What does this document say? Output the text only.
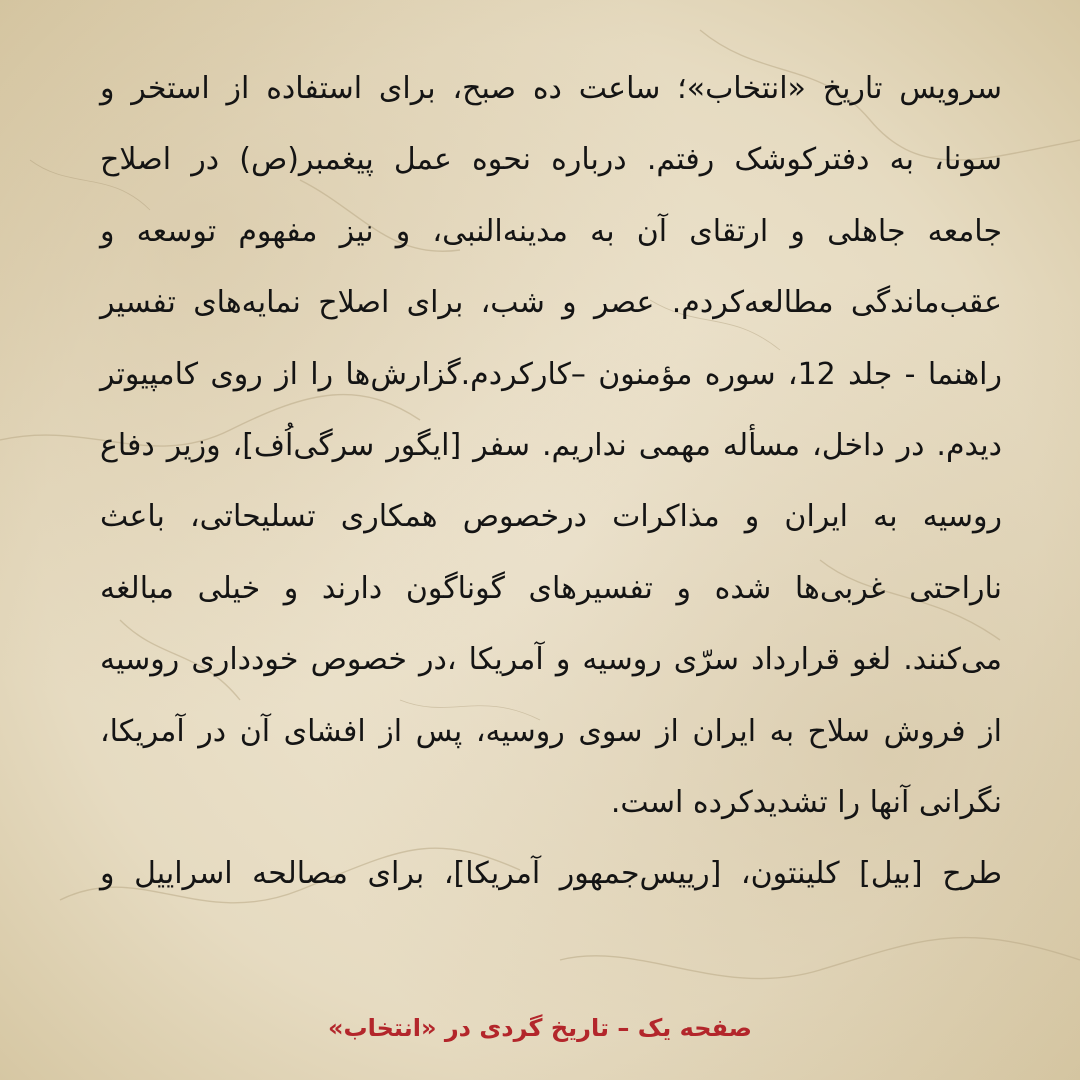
سرویس تاریخ «انتخاب»؛ ساعت ده صبح، برای استفاده از استخر و
سونا، به دفترکوشک رفتم. درباره نحوه عمل پیغمبر(ص) در اصلاح
جامعه جاهلی و ارتقای آن به مدینه‌النبی، و نیز مفهوم توسعه و
عقب‌ماندگی مطالعه‌کردم. عصر و شب، برای اصلاح نمایه‌های تفسیر
راهنما - جلد 12، سوره مؤمنون –کارکردم.گزارش‌ها را از روی کامپیوتر
دیدم. در داخل، مسأله مهمی نداریم. سفر [ایگور سرگی‌اُف]، وزیر دفاع
روسیه به ایران و مذاکرات درخصوص همکاری تسلیحاتی، باعث
ناراحتی غربی‌ها شده و تفسیرهای گوناگون دارند و خیلی مبالغه
می‌کنند. لغو قرارداد سرّی روسیه و آمریکا ،در خصوص خودداری روسیه
از فروش سلاح به ایران از سوی روسیه، پس از افشای آن در آمریکا،
نگرانی آنها را تشدیدکرده است.
طرح [بیل] کلینتون، [رییس‌جمهور آمریکا]، برای مصالحه اسراییل و
صفحه یک – تاریخ گردی در «انتخاب»
